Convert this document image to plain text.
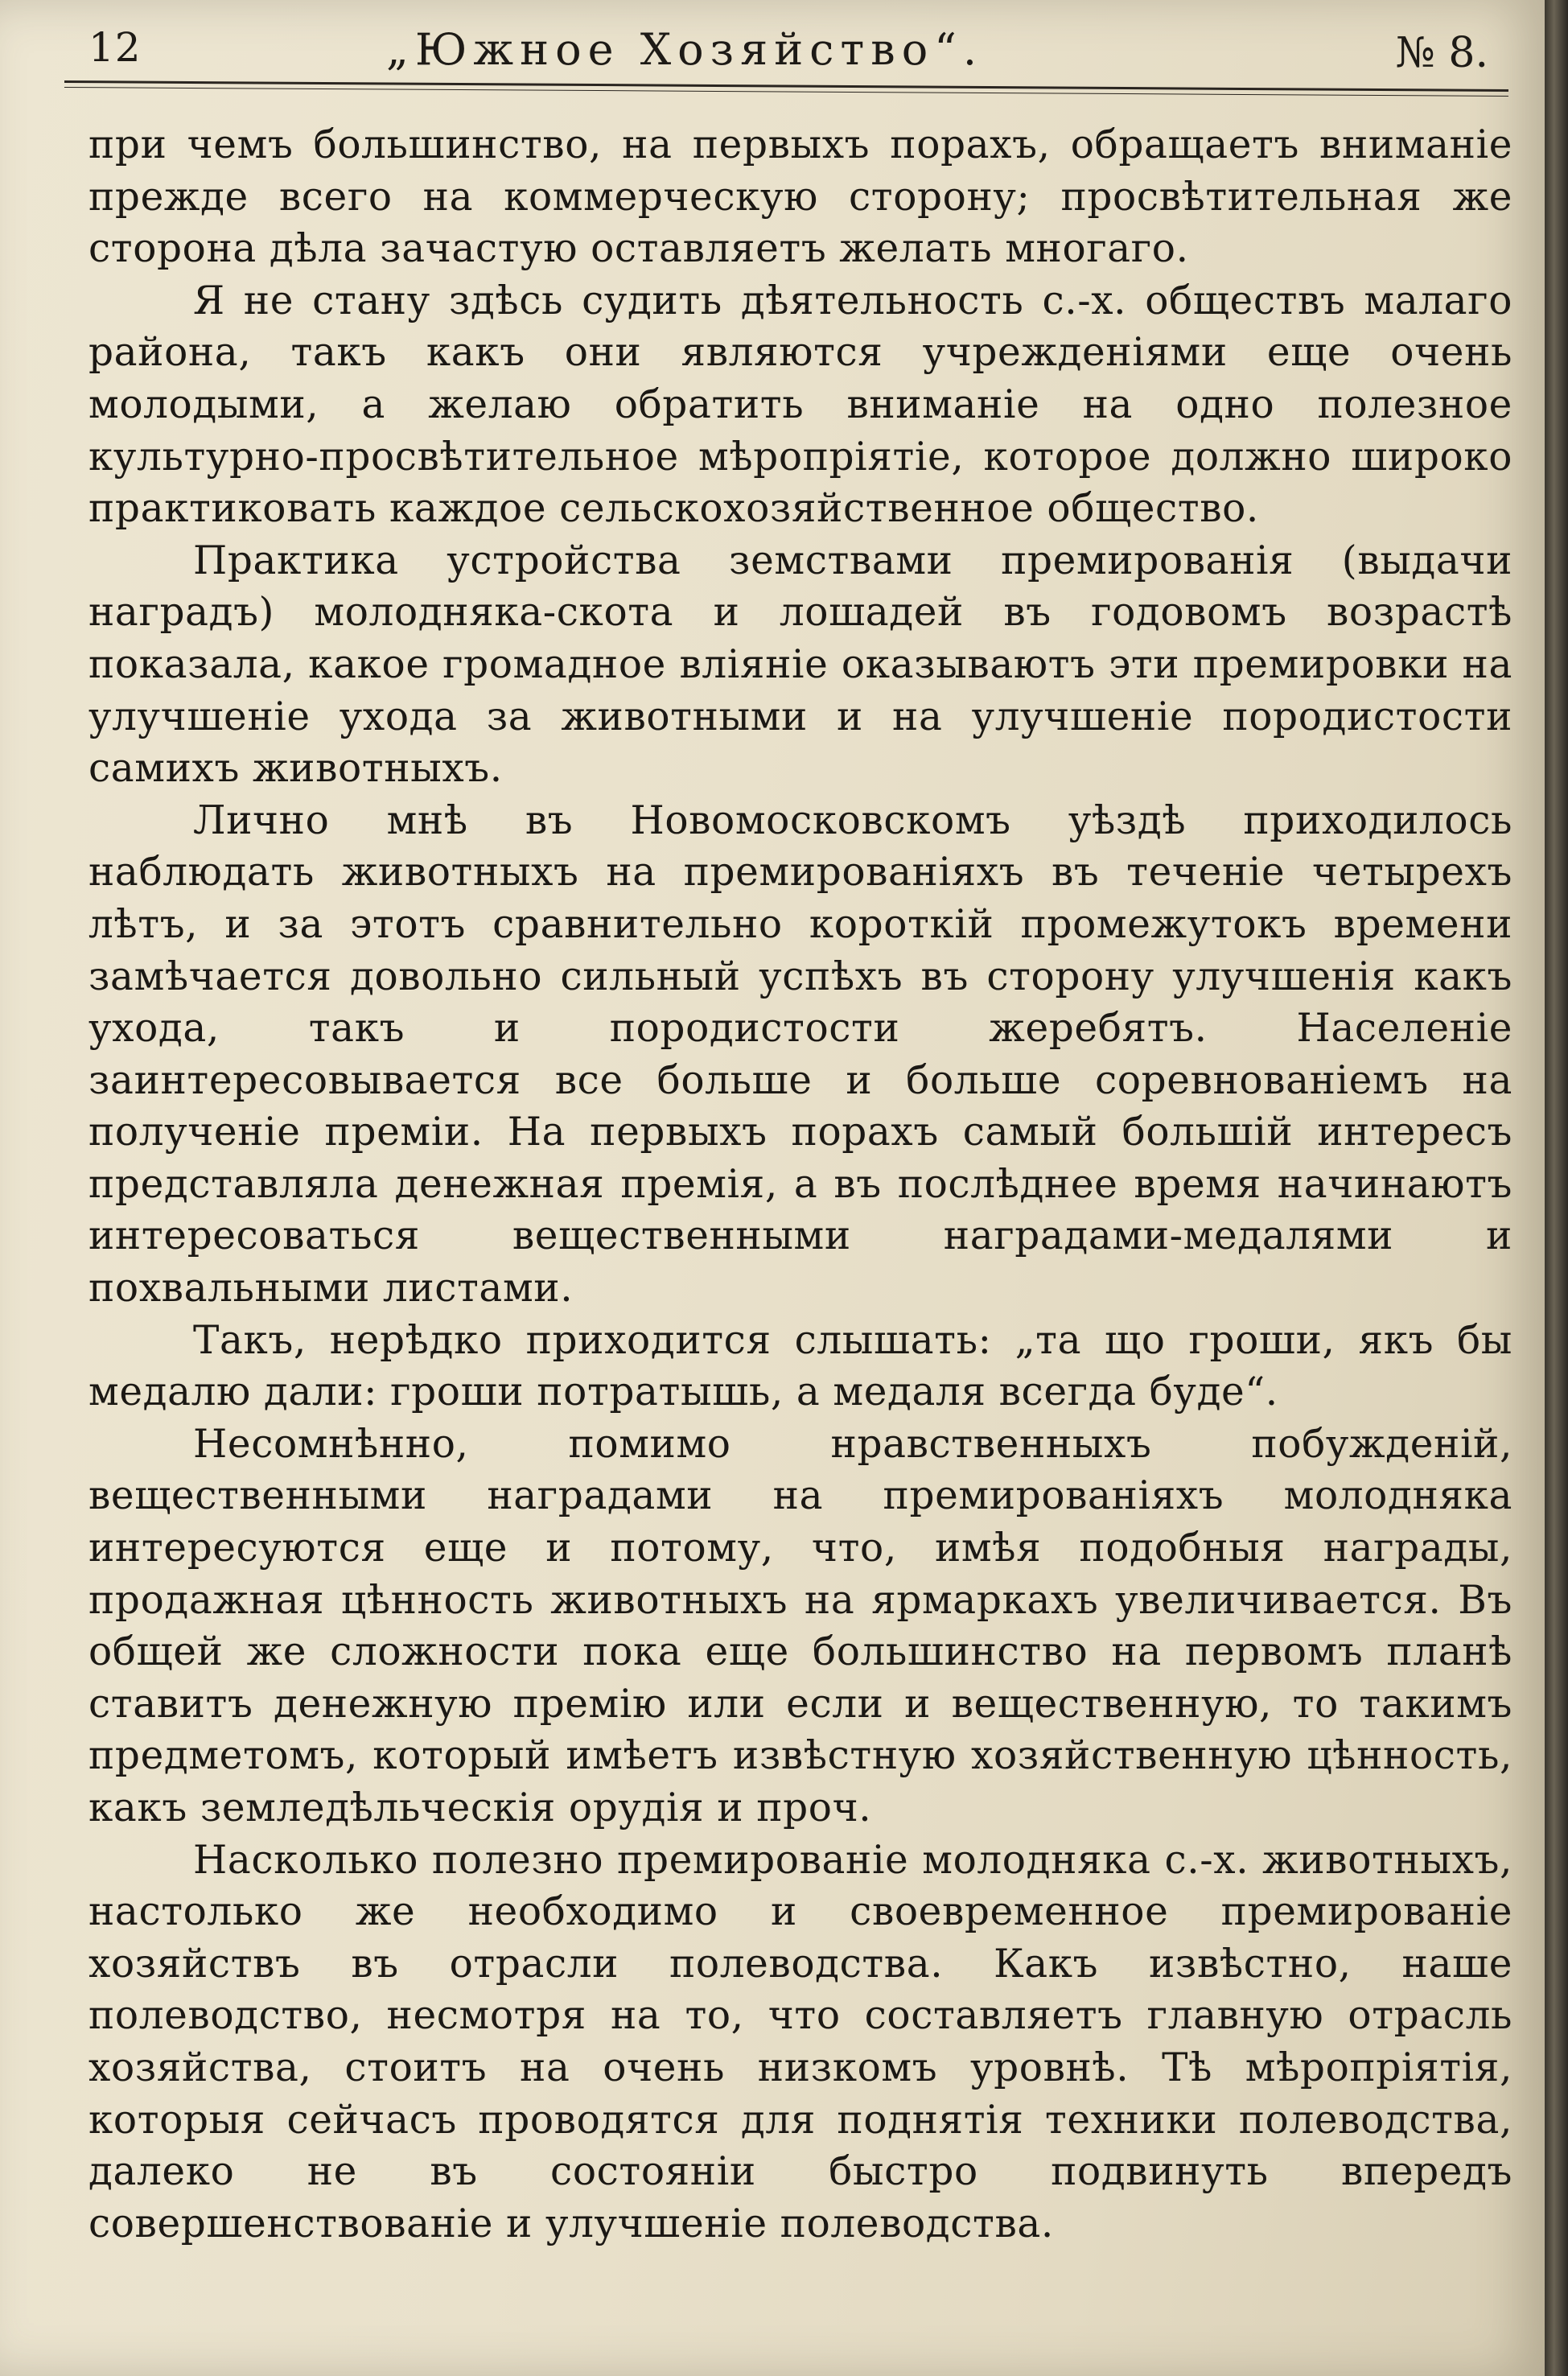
12	„Южное Хозяйство“.	№ 8.

при чемъ большинство, на первыхъ порахъ, обращаетъ вниманіе прежде всего на коммерческую сторону; просвѣтительная же сторона дѣла зачастую оставляетъ желать многаго.

Я не стану здѣсь судить дѣятельность с.-х. обществъ малаго района, такъ какъ они являются учрежденіями еще очень молодыми, а желаю обратить вниманіе на одно полезное культурно-просвѣтительное мѣропріятіе, которое должно широко практиковать каждое сельскохозяйственное общество.

Практика устройства земствами премированія (выдачи наградъ) молодняка-скота и лошадей въ годовомъ возрастѣ показала, какое громадное вліяніе оказываютъ эти премировки на улучшеніе ухода за животными и на улучшеніе породистости самихъ животныхъ.

Лично мнѣ въ Новомосковскомъ уѣздѣ приходилось наблюдать животныхъ на премированіяхъ въ теченіе четырехъ лѣтъ, и за этотъ сравнительно короткій промежутокъ времени замѣчается довольно сильный успѣхъ въ сторону улучшенія какъ ухода, такъ и породистости жеребятъ. Населеніе заинтересовывается все больше и больше соревнованіемъ на полученіе преміи. На первыхъ порахъ самый большій интересъ представляла денежная премія, а въ послѣднее время начинаютъ интересоваться вещественными наградами-медалями и похвальными листами.

Такъ, нерѣдко приходится слышать: „та що гроши, якъ бы медалю дали: гроши потратышь, а медаля всегда буде“.

Несомнѣнно, помимо нравственныхъ побужденій, вещественными наградами на премированіяхъ молодняка интересуются еще и потому, что, имѣя подобныя награды, продажная цѣнность животныхъ на ярмаркахъ увеличивается. Въ общей же сложности пока еще большинство на первомъ планѣ ставитъ денежную премію или если и вещественную, то такимъ предметомъ, который имѣетъ извѣстную хозяйственную цѣнность, какъ земледѣльческія орудія и проч.

Насколько полезно премированіе молодняка с.-х. животныхъ, настолько же необходимо и своевременное премированіе хозяйствъ въ отрасли полеводства. Какъ извѣстно, наше полеводство, несмотря на то, что составляетъ главную отрасль хозяйства, стоитъ на очень низкомъ уровнѣ. Тѣ мѣропріятія, которыя сейчасъ проводятся для поднятія техники полеводства, далеко не въ состояніи быстро подвинуть впередъ совершенствованіе и улучшеніе полеводства.
